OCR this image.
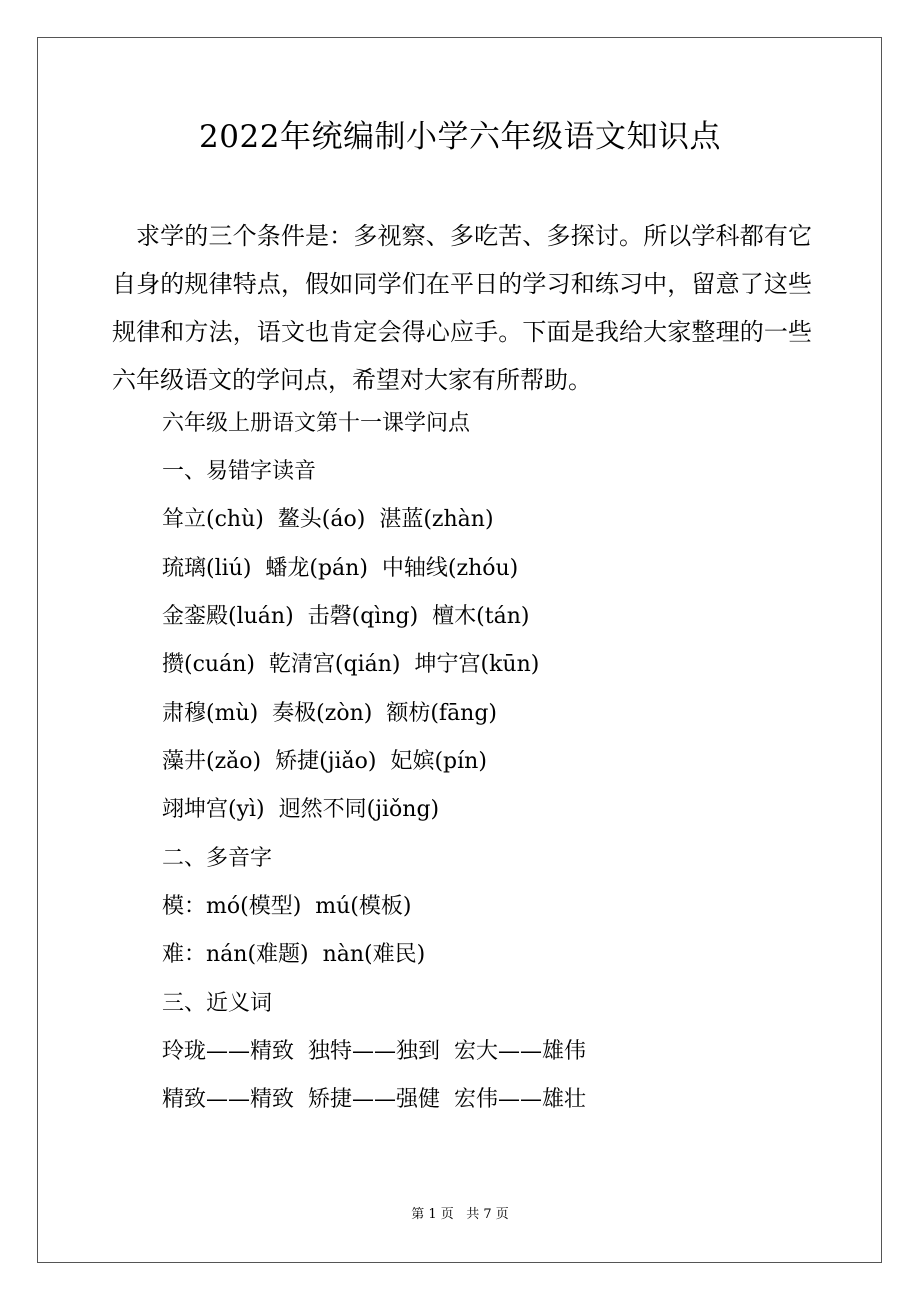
2022年统编制小学六年级语文知识点

求学的三个条件是：多视察、多吃苦、多探讨。所以学科都有它自身的规律特点，假如同学们在平日的学习和练习中，留意了这些规律和方法，语文也肯定会得心应手。下面是我给大家整理的一些六年级语文的学问点，希望对大家有所帮助。

六年级上册语文第十一课学问点
一、易错字读音
耸立(chù)  鳌头(áo)  湛蓝(zhàn)
琉璃(liú)  蟠龙(pán)  中轴线(zhóu)
金銮殿(luán)  击磬(qìng)  檀木(tán)
攒(cuán)  乾清宫(qián)  坤宁宫(kūn)
肃穆(mù)  奏极(zòn)  额枋(fāng)
藻井(zǎo)  矫捷(jiǎo)  妃嫔(pín)
翊坤宫(yì)  迥然不同(jiǒng)
二、多音字
模：mó(模型)  mú(模板)
难：nán(难题)  nàn(难民)
三、近义词
玲珑——精致  独特——独到  宏大——雄伟
精致——精致  矫捷——强健  宏伟——雄壮
第 1 页   共 7 页
